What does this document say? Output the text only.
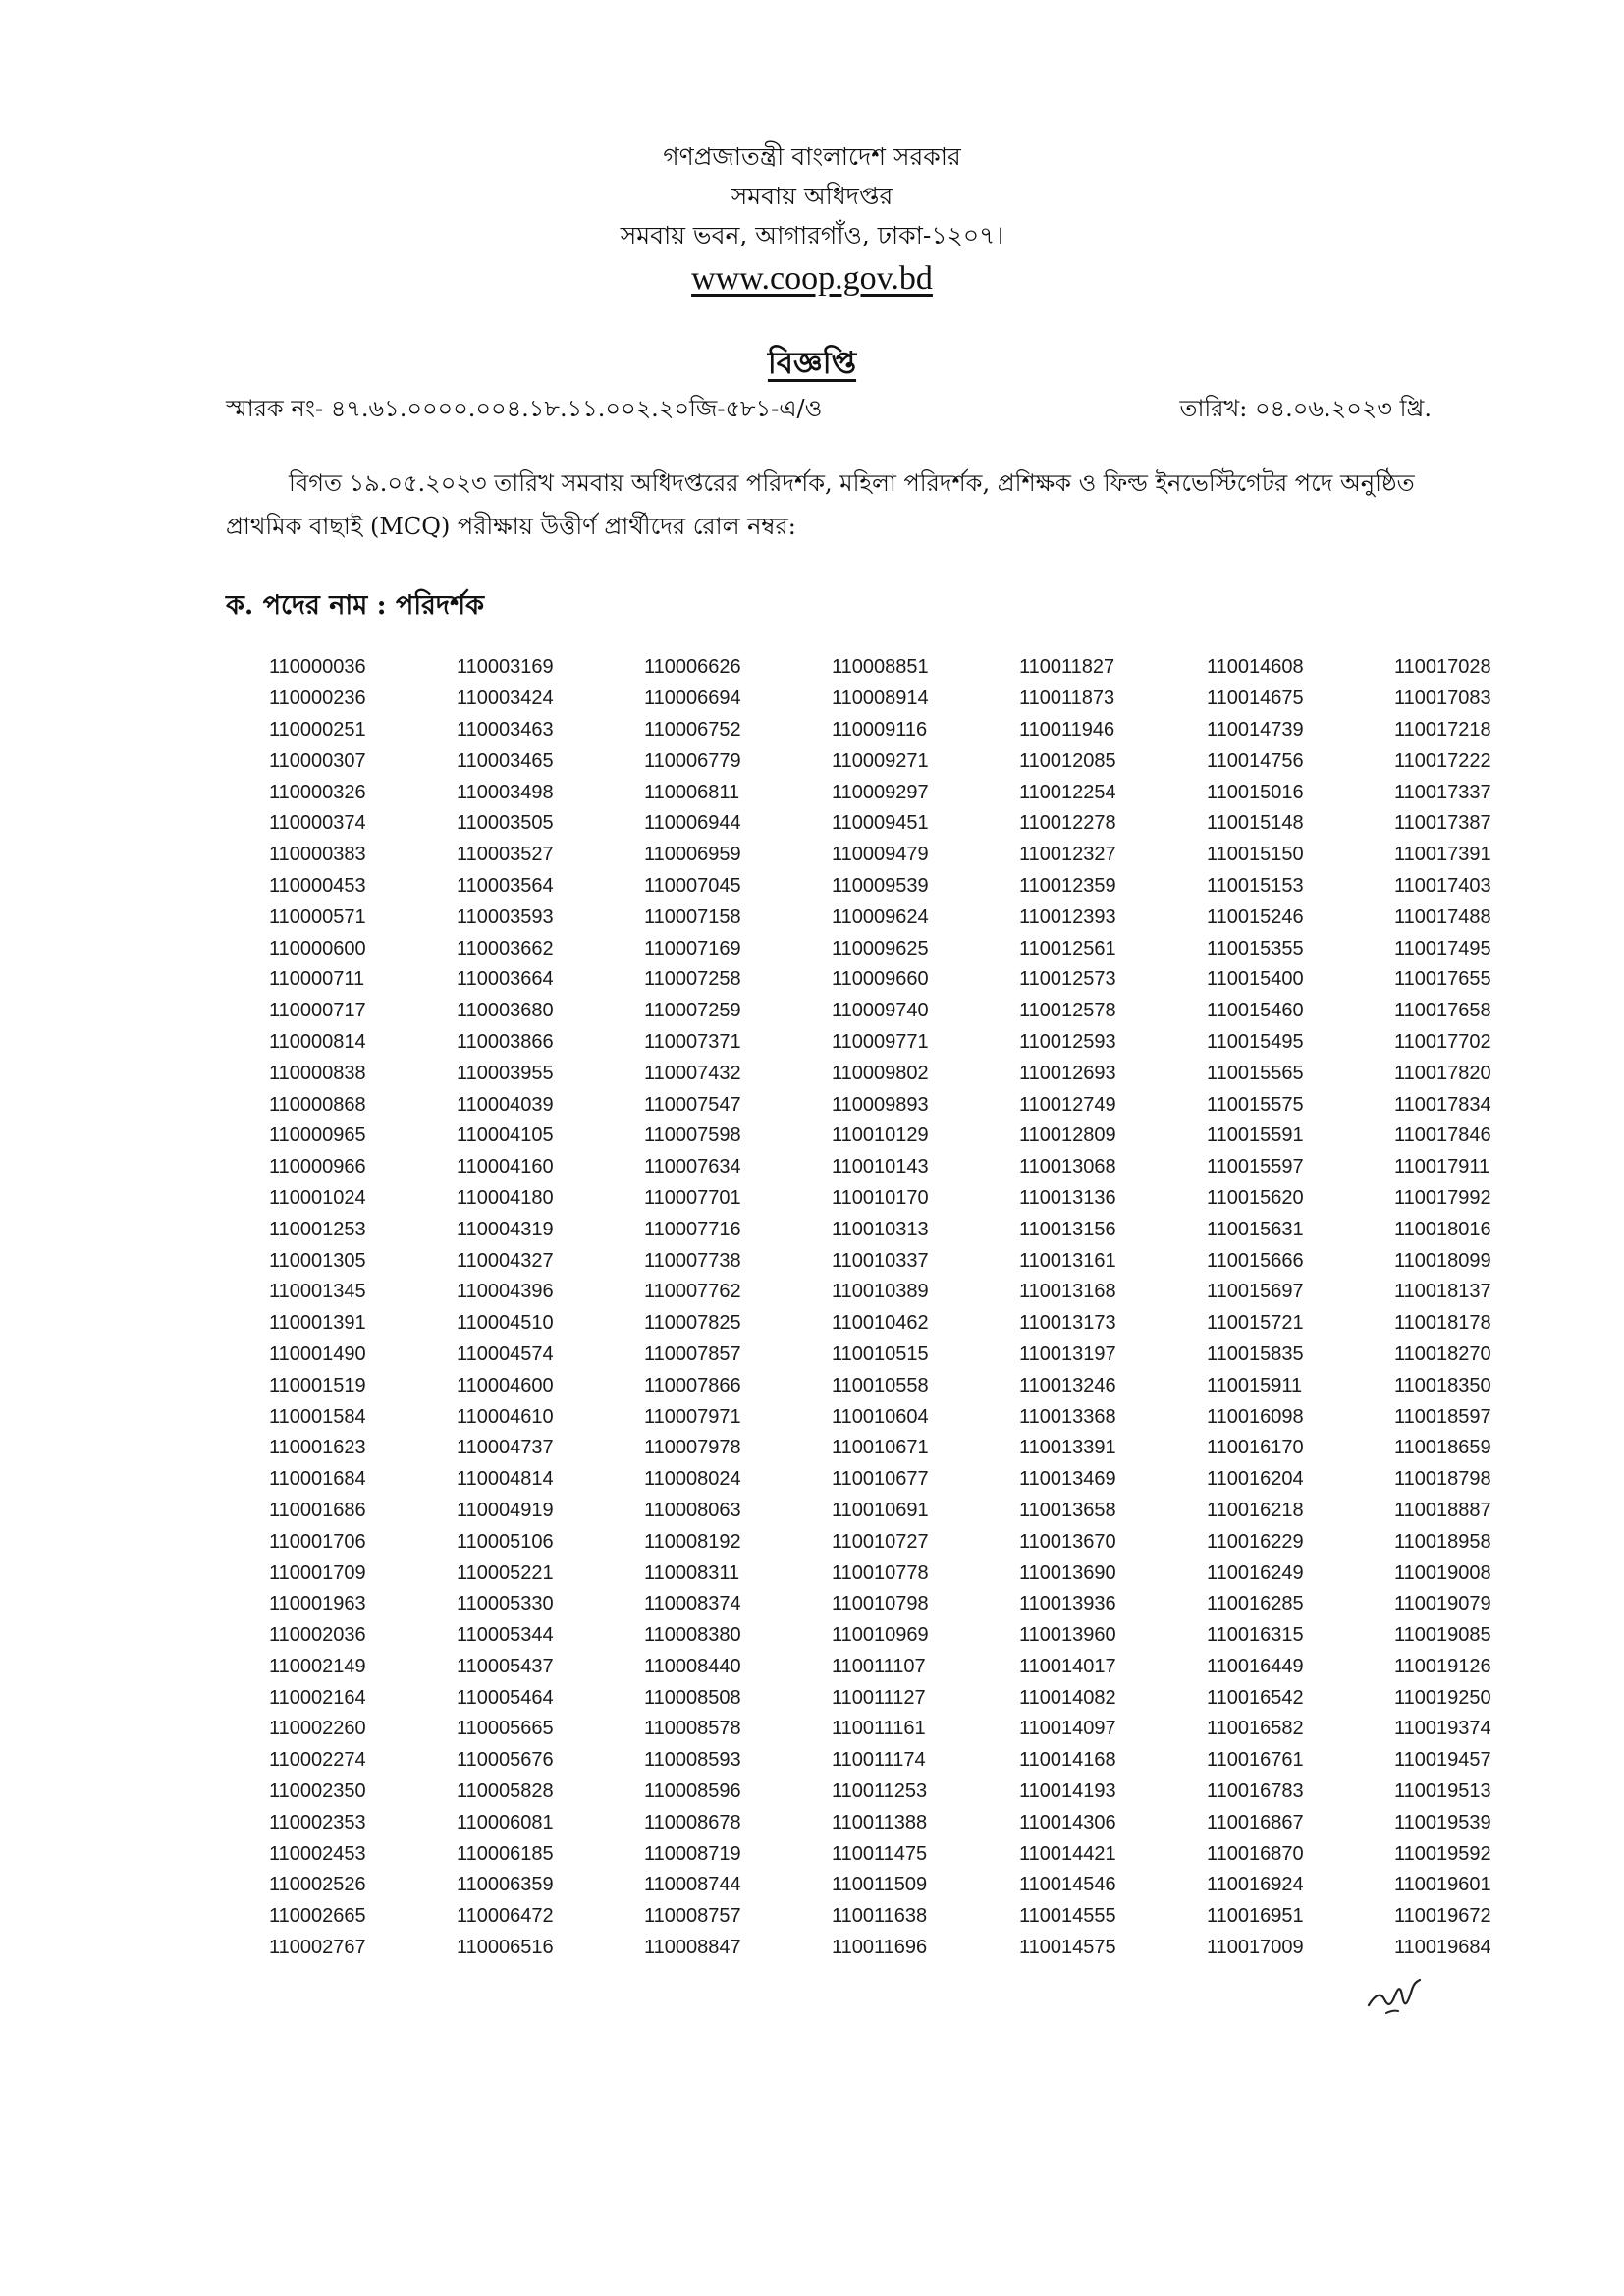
গণপ্রজাতন্ত্রী বাংলাদেশ সরকার
সমবায় অধিদপ্তর
সমবায় ভবন, আগারগাঁও, ঢাকা-১২০৭।
www.coop.gov.bd
বিজ্ঞপ্তি
স্মারক নং- ৪৭.৬১.০০০০.০০৪.১৮.১১.০০২.২০জি-৫৮১-এ/ও	তারিখ: ০৪.০৬.২০২৩ খ্রি.
বিগত ১৯.০৫.২০২৩ তারিখ সমবায় অধিদপ্তরের পরিদর্শক, মহিলা পরিদর্শক, প্রশিক্ষক ও ফিল্ড ইনভেস্টিগেটর পদে অনুষ্ঠিত প্রাথমিক বাছাই (MCQ) পরীক্ষায় উত্তীর্ণ প্রার্থীদের রোল নম্বর:
ক. পদের নাম : পরিদর্শক
110000036	110003169	110006626	110008851	110011827	110014608	110017028
110000236	110003424	110006694	110008914	110011873	110014675	110017083
110000251	110003463	110006752	110009116	110011946	110014739	110017218
110000307	110003465	110006779	110009271	110012085	110014756	110017222
110000326	110003498	110006811	110009297	110012254	110015016	110017337
110000374	110003505	110006944	110009451	110012278	110015148	110017387
110000383	110003527	110006959	110009479	110012327	110015150	110017391
110000453	110003564	110007045	110009539	110012359	110015153	110017403
110000571	110003593	110007158	110009624	110012393	110015246	110017488
110000600	110003662	110007169	110009625	110012561	110015355	110017495
110000711	110003664	110007258	110009660	110012573	110015400	110017655
110000717	110003680	110007259	110009740	110012578	110015460	110017658
110000814	110003866	110007371	110009771	110012593	110015495	110017702
110000838	110003955	110007432	110009802	110012693	110015565	110017820
110000868	110004039	110007547	110009893	110012749	110015575	110017834
110000965	110004105	110007598	110010129	110012809	110015591	110017846
110000966	110004160	110007634	110010143	110013068	110015597	110017911
110001024	110004180	110007701	110010170	110013136	110015620	110017992
110001253	110004319	110007716	110010313	110013156	110015631	110018016
110001305	110004327	110007738	110010337	110013161	110015666	110018099
110001345	110004396	110007762	110010389	110013168	110015697	110018137
110001391	110004510	110007825	110010462	110013173	110015721	110018178
110001490	110004574	110007857	110010515	110013197	110015835	110018270
110001519	110004600	110007866	110010558	110013246	110015911	110018350
110001584	110004610	110007971	110010604	110013368	110016098	110018597
110001623	110004737	110007978	110010671	110013391	110016170	110018659
110001684	110004814	110008024	110010677	110013469	110016204	110018798
110001686	110004919	110008063	110010691	110013658	110016218	110018887
110001706	110005106	110008192	110010727	110013670	110016229	110018958
110001709	110005221	110008311	110010778	110013690	110016249	110019008
110001963	110005330	110008374	110010798	110013936	110016285	110019079
110002036	110005344	110008380	110010969	110013960	110016315	110019085
110002149	110005437	110008440	110011107	110014017	110016449	110019126
110002164	110005464	110008508	110011127	110014082	110016542	110019250
110002260	110005665	110008578	110011161	110014097	110016582	110019374
110002274	110005676	110008593	110011174	110014168	110016761	110019457
110002350	110005828	110008596	110011253	110014193	110016783	110019513
110002353	110006081	110008678	110011388	110014306	110016867	110019539
110002453	110006185	110008719	110011475	110014421	110016870	110019592
110002526	110006359	110008744	110011509	110014546	110016924	110019601
110002665	110006472	110008757	110011638	110014555	110016951	110019672
110002767	110006516	110008847	110011696	110014575	110017009	110019684
